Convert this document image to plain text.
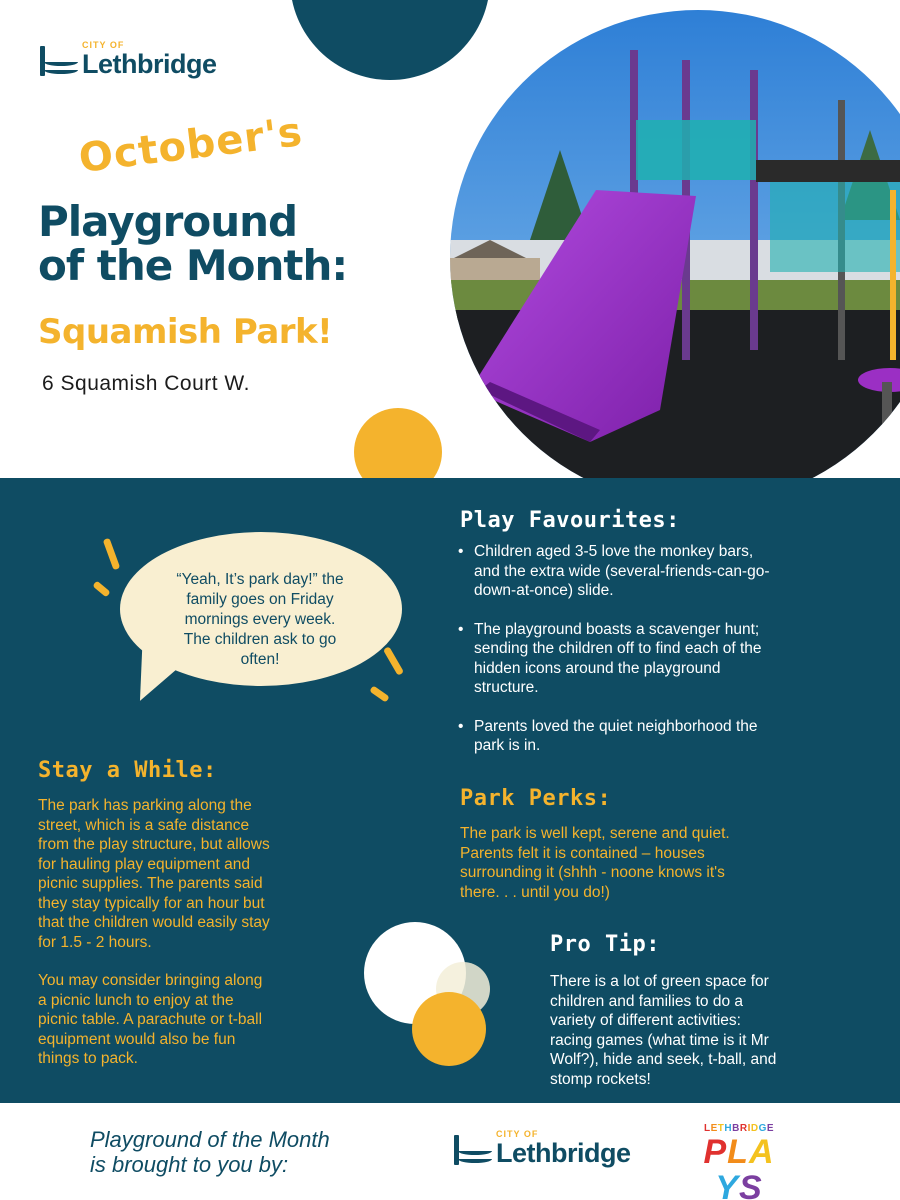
CITY OF
Lethbridge
October's
Playground
of the Month:
Squamish Park!
6 Squamish Court W.
“Yeah, It’s park day!” the
family goes on Friday
mornings every week.
The children ask to go
often!
Play Favourites:
• Children aged 3-5 love the monkey bars,
and the extra wide (several-friends-can-go-
down-at-once) slide.
• The playground boasts a scavenger hunt;
sending the children off to find each of the
hidden icons around the playground
structure.
• Parents loved the quiet neighborhood the
park is in.
Stay a While:
The park has parking along the
street, which is a safe distance
from the play structure, but allows
for hauling play equipment and
picnic supplies. The parents said
they stay typically for an hour but
that the children would easily stay
for 1.5 - 2 hours.
You may consider bringing along
a picnic lunch to enjoy at the
picnic table. A parachute or t-ball
equipment would also be fun
things to pack.
Park Perks:
The park is well kept, serene and quiet.
Parents felt it is contained – houses
surrounding it (shhh - noone knows it's
there. . . until you do!)
Pro Tip:
There is a lot of green space for
children and families to do a
variety of different activities:
racing games (what time is it Mr
Wolf?), hide and seek, t-ball, and
stomp rockets!
Playground of the Month
is brought to you by:
CITY OF
Lethbridge
LETHBRIDGE
PLAYS
